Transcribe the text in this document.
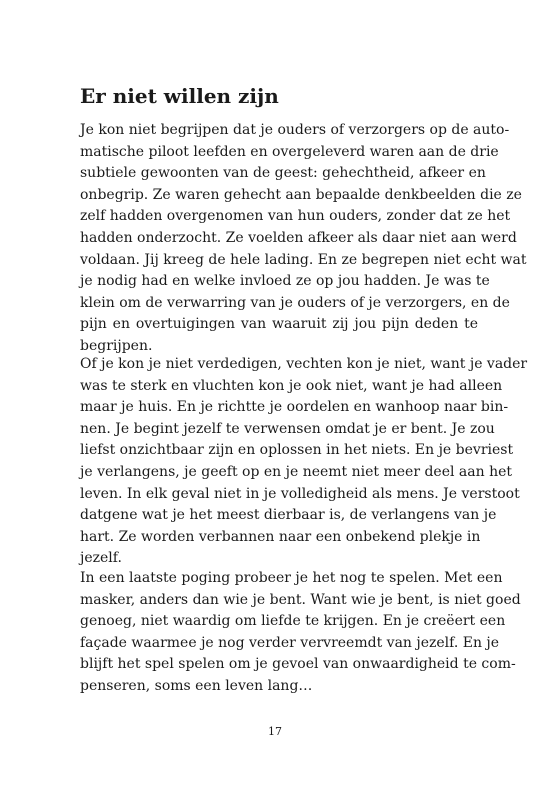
Er niet willen zijn
Je kon niet begrijpen dat je ouders of verzorgers op de auto-
matische piloot leefden en overgeleverd waren aan de drie
subtiele gewoonten van de geest: gehechtheid, afkeer en
onbegrip. Ze waren gehecht aan bepaalde denkbeelden die ze
zelf hadden overgenomen van hun ouders, zonder dat ze het
hadden onderzocht. Ze voelden afkeer als daar niet aan werd
voldaan. Jij kreeg de hele lading. En ze begrepen niet echt wat
je nodig had en welke invloed ze op jou hadden. Je was te
klein om de verwarring van je ouders of je verzorgers, en de
pijn en overtuigingen van waaruit zij jou pijn deden te
begrijpen.
Of je kon je niet verdedigen, vechten kon je niet, want je vader
was te sterk en vluchten kon je ook niet, want je had alleen
maar je huis. En je richtte je oordelen en wanhoop naar bin-
nen. Je begint jezelf te verwensen omdat je er bent. Je zou
liefst onzichtbaar zijn en oplossen in het niets. En je bevriest
je verlangens, je geeft op en je neemt niet meer deel aan het
leven. In elk geval niet in je volledigheid als mens. Je verstoot
datgene wat je het meest dierbaar is, de verlangens van je
hart. Ze worden verbannen naar een onbekend plekje in
jezelf.
In een laatste poging probeer je het nog te spelen. Met een
masker, anders dan wie je bent. Want wie je bent, is niet goed
genoeg, niet waardig om liefde te krijgen. En je creëert een
façade waarmee je nog verder vervreemdt van jezelf. En je
blijft het spel spelen om je gevoel van onwaardigheid te com-
penseren, soms een leven lang…
17
